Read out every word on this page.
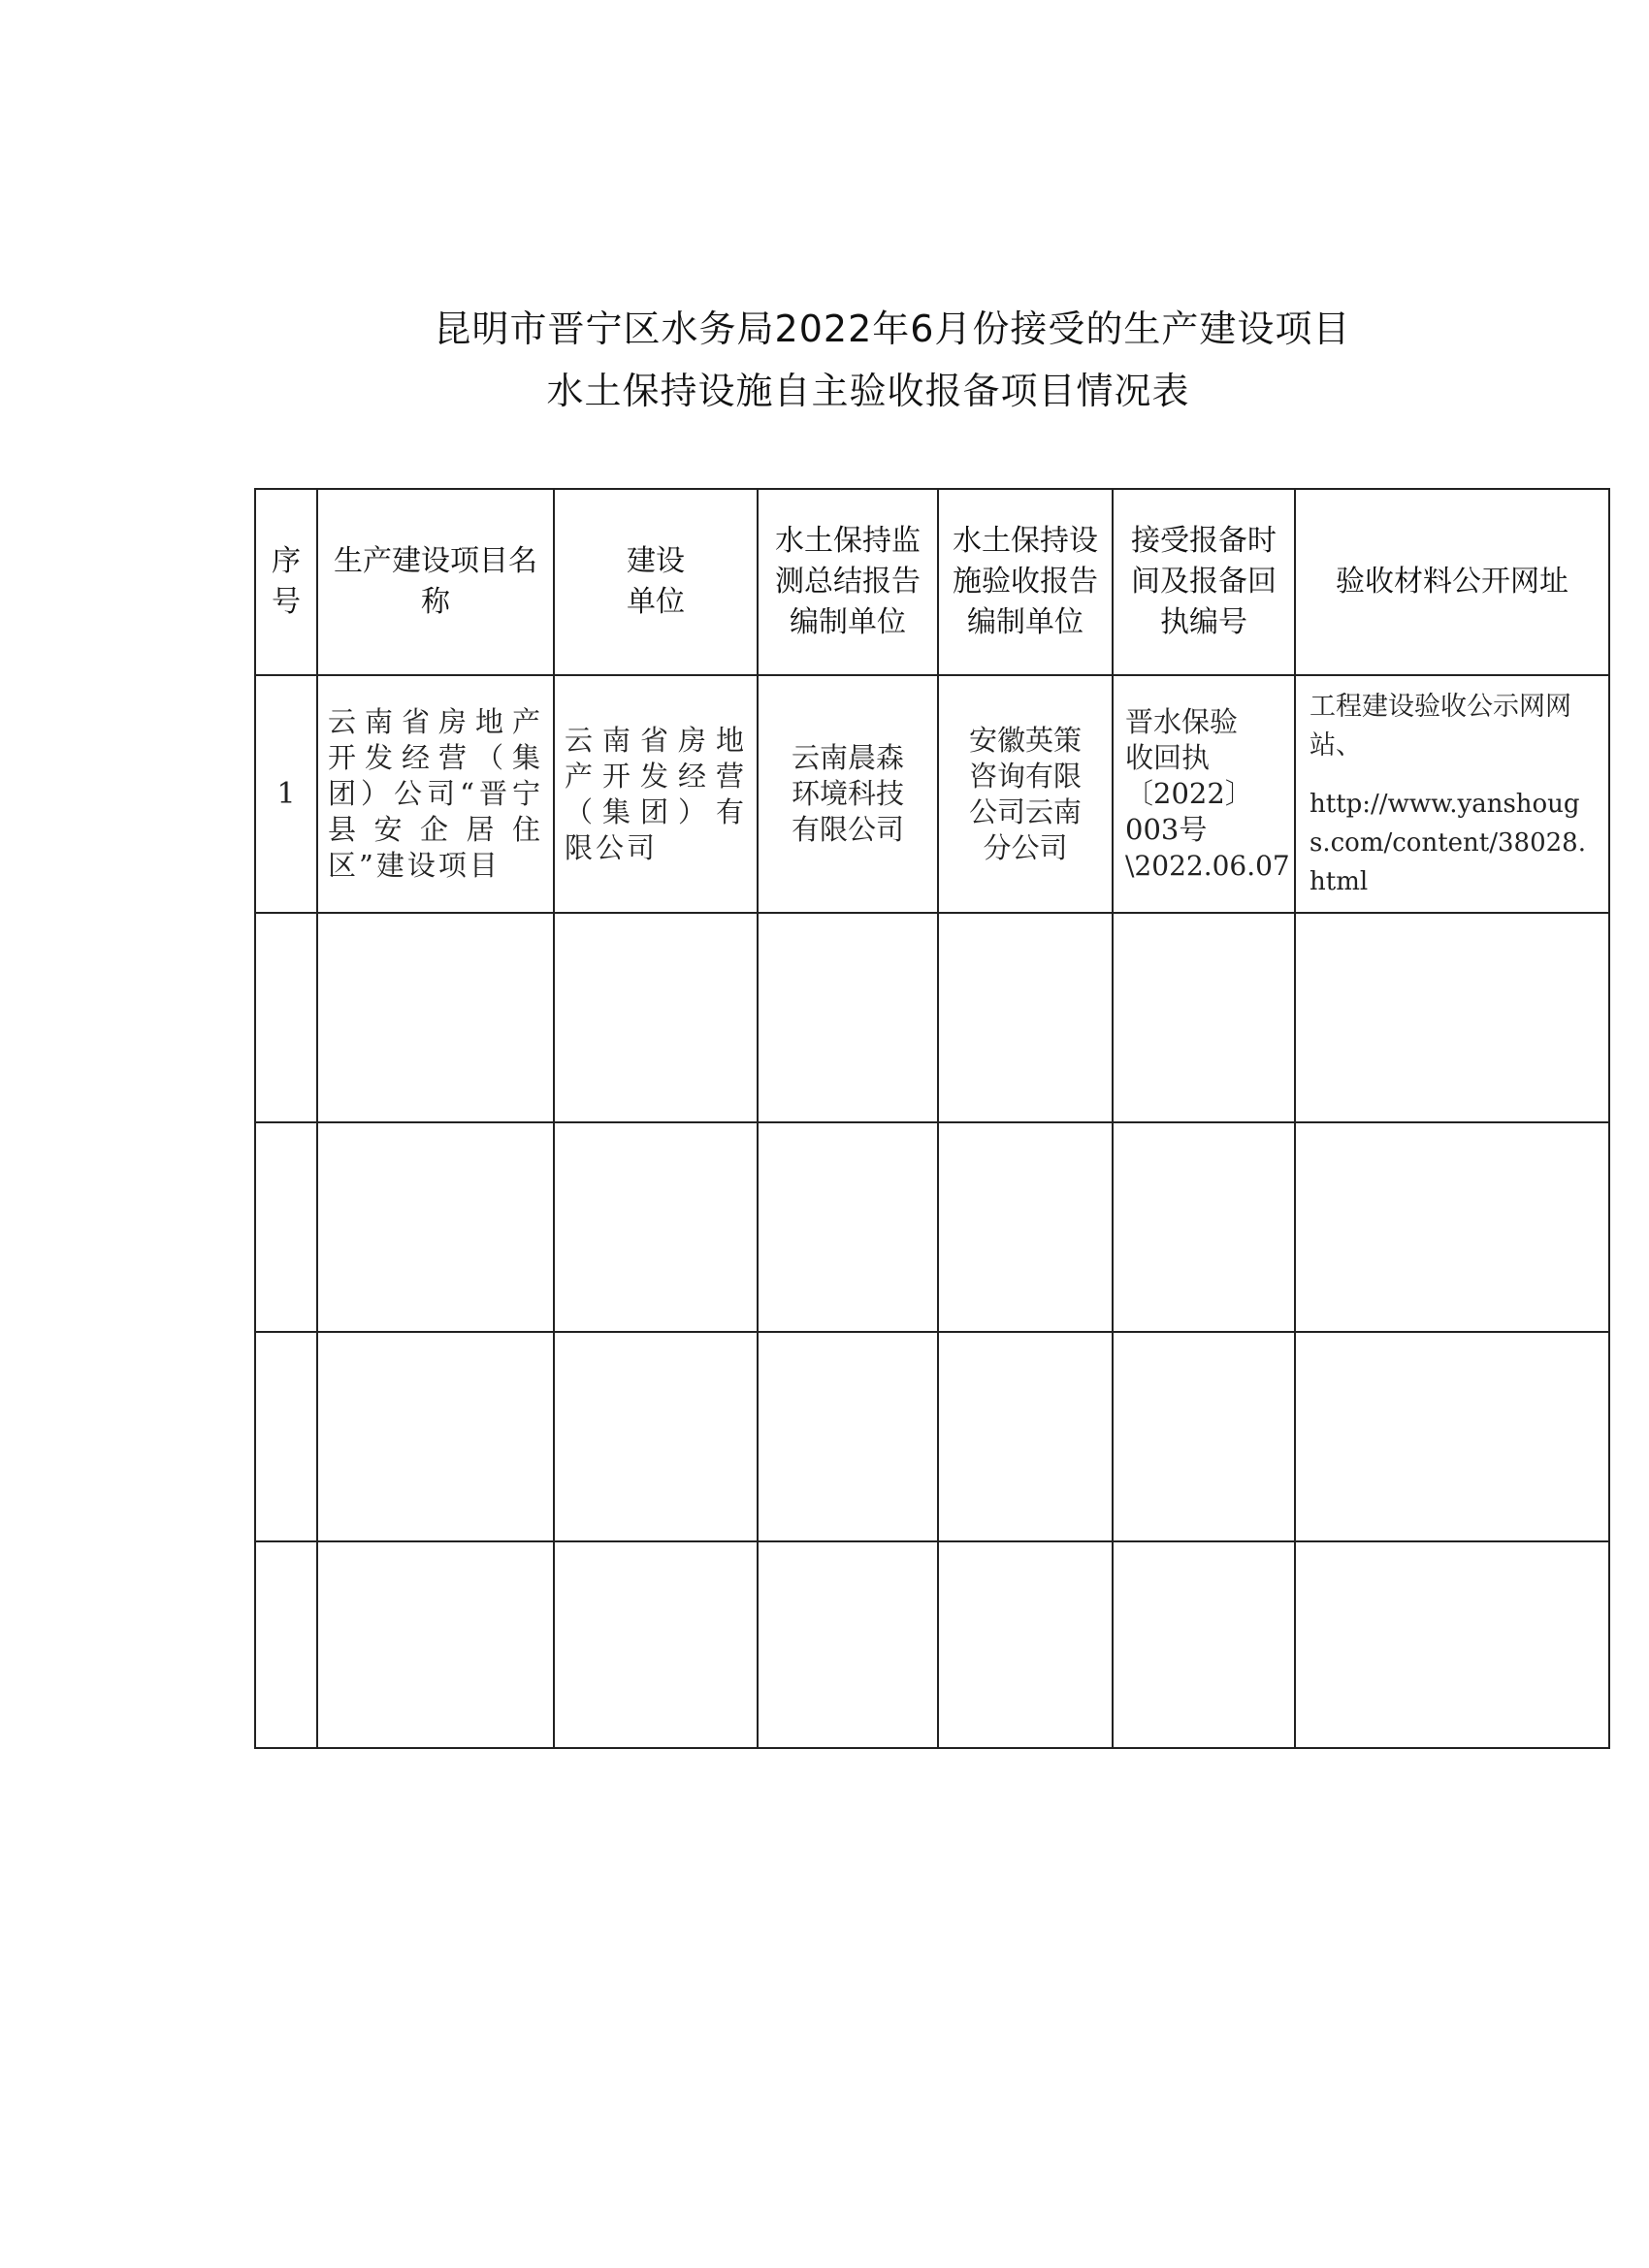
昆明市晋宁区水务局2022年6月份接受的生产建设项目
水土保持设施自主验收报备项目情况表
序号	生产建设项目名称	建设单位	水土保持监测总结报告编制单位	水土保持设施验收报告编制单位	接受报备时间及报备回执编号	验收材料公开网址

1	云南省房地产开发经营（集团）公司“晋宁县安企居住区”建设项目	云南省房地产开发经营（集团）有限公司	云南晨森环境科技有限公司	安徽英策咨询有限公司云南分公司	晋水保验
收回执
〔2022〕
003号
\2022.06.07	工程建设验收公示网网站、
http://www.yanshougs.com/content/38028.html
